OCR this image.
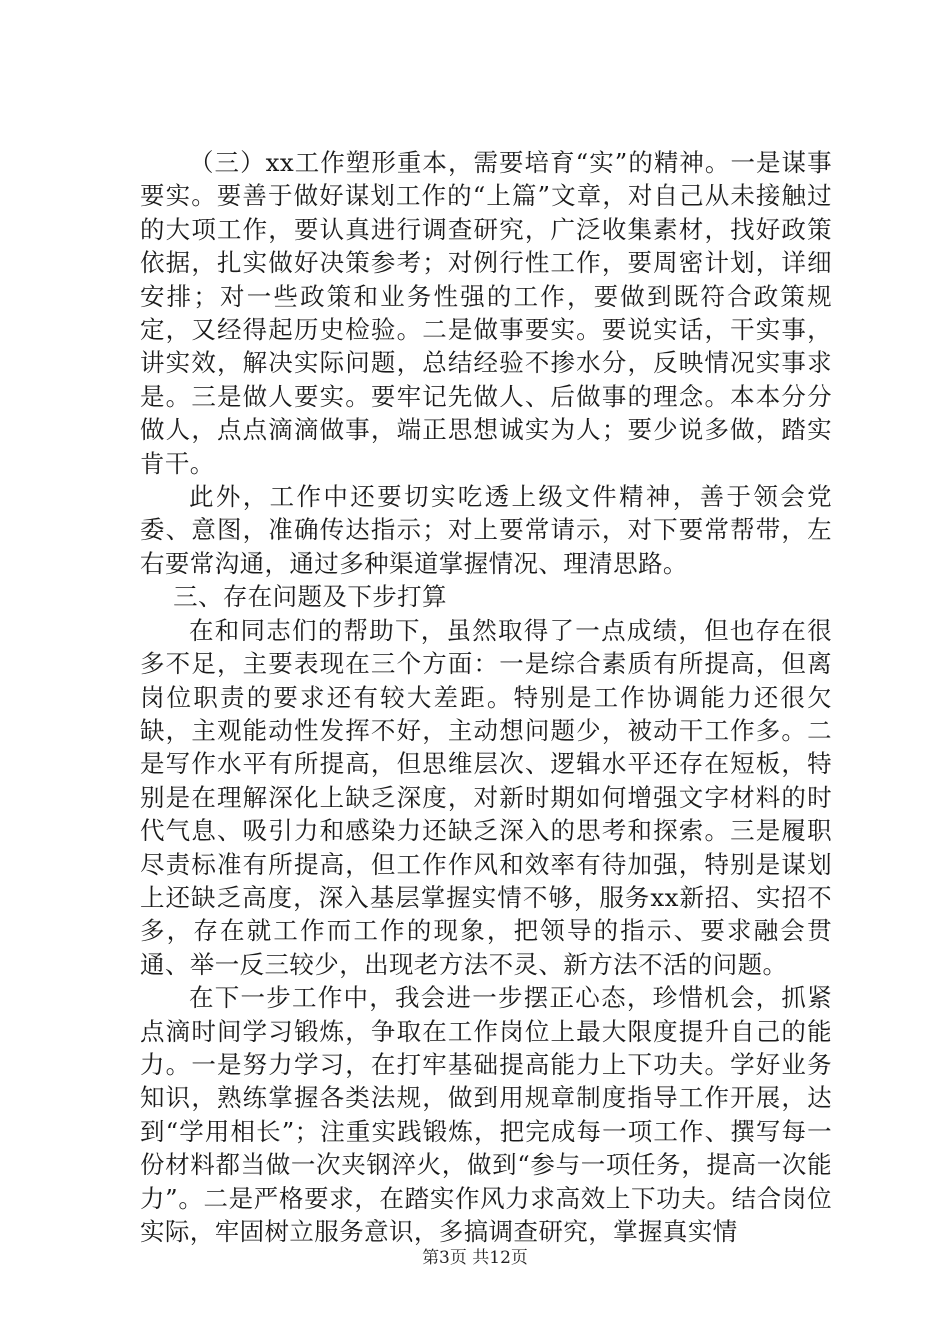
（三）xx工作塑形重本，需要培育“实”的精神。一是谋事要实。要善于做好谋划工作的“上篇”文章，对自己从未接触过的大项工作，要认真进行调查研究，广泛收集素材，找好政策依据，扎实做好决策参考；对例行性工作，要周密计划，详细安排；对一些政策和业务性强的工作，要做到既符合政策规定，又经得起历史检验。二是做事要实。要说实话，干实事，讲实效，解决实际问题，总结经验不掺水分，反映情况实事求是。三是做人要实。要牢记先做人、后做事的理念。本本分分做人，点点滴滴做事，端正思想诚实为人；要少说多做，踏实肯干。

此外，工作中还要切实吃透上级文件精神，善于领会党委、意图，准确传达指示；对上要常请示，对下要常帮带，左右要常沟通，通过多种渠道掌握情况、理清思路。

三、存在问题及下步打算

在和同志们的帮助下，虽然取得了一点成绩，但也存在很多不足，主要表现在三个方面：一是综合素质有所提高，但离岗位职责的要求还有较大差距。特别是工作协调能力还很欠缺，主观能动性发挥不好，主动想问题少，被动干工作多。二是写作水平有所提高，但思维层次、逻辑水平还存在短板，特别是在理解深化上缺乏深度，对新时期如何增强文字材料的时代气息、吸引力和感染力还缺乏深入的思考和探索。三是履职尽责标准有所提高，但工作作风和效率有待加强，特别是谋划上还缺乏高度，深入基层掌握实情不够，服务xx新招、实招不多，存在就工作而工作的现象，把领导的指示、要求融会贯通、举一反三较少，出现老方法不灵、新方法不活的问题。

在下一步工作中，我会进一步摆正心态，珍惜机会，抓紧点滴时间学习锻炼，争取在工作岗位上最大限度提升自己的能力。一是努力学习，在打牢基础提高能力上下功夫。学好业务知识，熟练掌握各类法规，做到用规章制度指导工作开展，达到“学用相长”；注重实践锻炼，把完成每一项工作、撰写每一份材料都当做一次夹钢淬火，做到“参与一项任务，提高一次能力”。二是严格要求，在踏实作风力求高效上下功夫。结合岗位实际，牢固树立服务意识，多搞调查研究，掌握真实情

第3页 共12页
